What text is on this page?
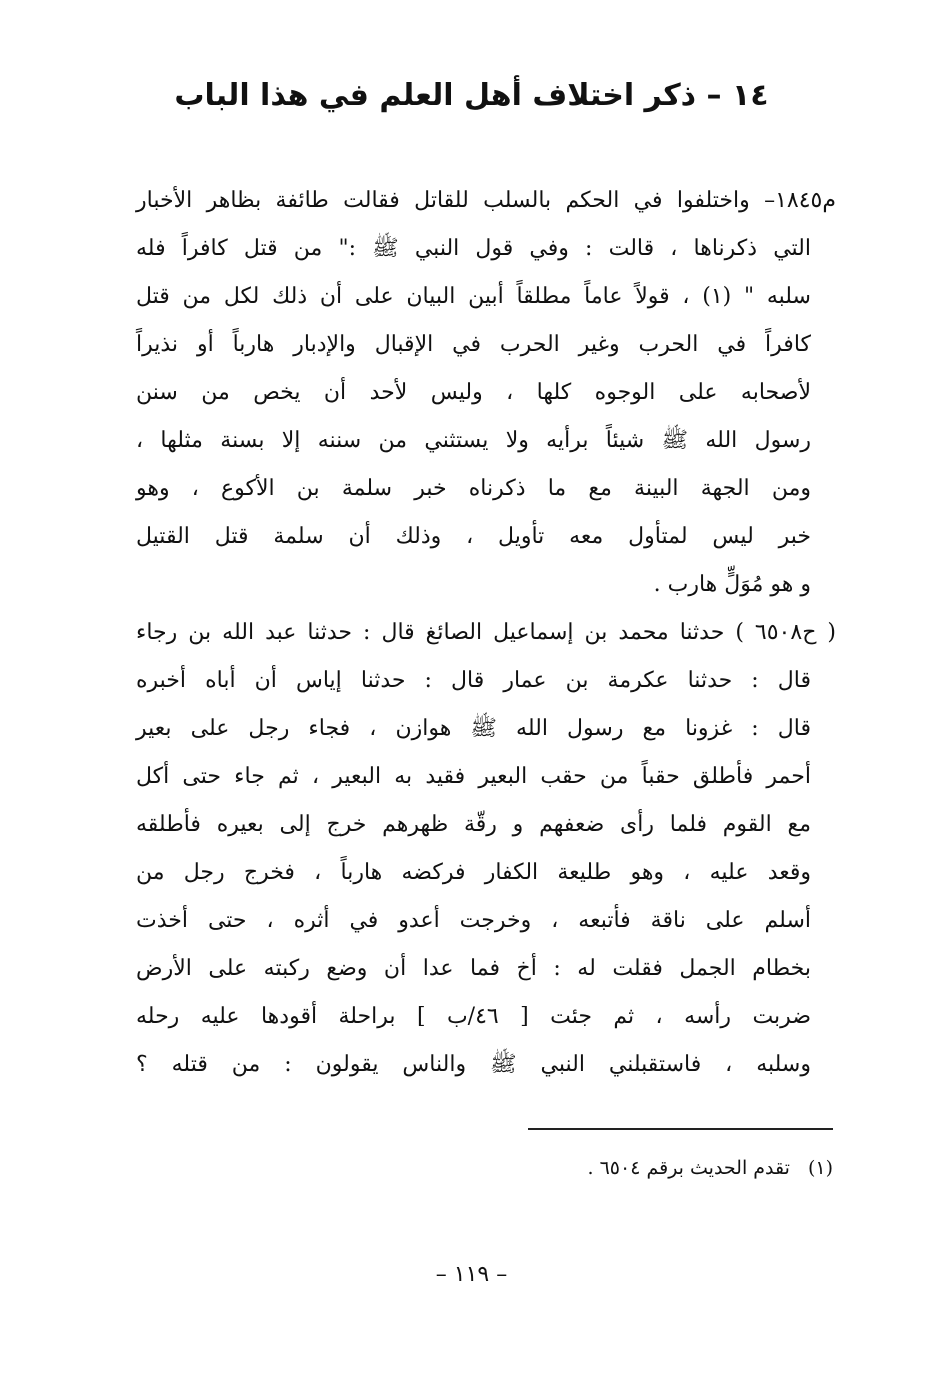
١٤ – ذكر اختلاف أهل العلم في هذا الباب
م١٨٤٥– واختلفوا في الحكم بالسلب للقاتل فقالت طائفة بظاهر الأخبار
التي ذكرناها ، قالت : وفي قول النبي ﷺ :" من قتل كافراً فله
سلبه " (١) ، قولاً عاماً مطلقاً أبين البيان على أن ذلك لكل من قتل
كافراً في الحرب وغير الحرب في الإقبال والإدبار هارباً أو نذيراً
لأصحابه على الوجوه كلها ، وليس لأحد أن يخص من سنن
رسول الله ﷺ شيئاً برأيه ولا يستثني من سننه إلا بسنة مثلها ،
ومن الجهة البينة مع ما ذكرناه خبر سلمة بن الأكوع ، وهو
خبر ليس لمتأول معه تأويل ، وذلك أن سلمة قتل القتيل
و هو مُوَلٍّ هارب .
( ح٦٥٠٨ ) حدثنا محمد بن إسماعيل الصائغ قال : حدثنا عبد الله بن رجاء
قال : حدثنا عكرمة بن عمار قال : حدثنا إياس أن أباه أخبره
قال : غزونا مع رسول الله ﷺ هوازن ، فجاء رجل على بعير
أحمر فأطلق حقباً من حقب البعير فقيد به البعير ، ثم جاء حتى أكل
مع القوم فلما رأى ضعفهم و رقّة ظهرهم خرج إلى بعيره فأطلقه
وقعد عليه ، وهو طليعة الكفار فركضه هارباً ، فخرج رجل من
أسلم على ناقة فأتبعه ، وخرجت أعدو في أثره ، حتى أخذت
بخطام الجمل فقلت له : أخ فما عدا أن وضع ركبته على الأرض
ضربت رأسه ، ثم جئت [ ٤٦/ب ] براحلة أقودها عليه رحله
وسلبه ، فاستقبلني النبي ﷺ والناس يقولون : من قتله ؟
(١)تقدم الحديث برقم ٦٥٠٤ .
– ١١٩ –
